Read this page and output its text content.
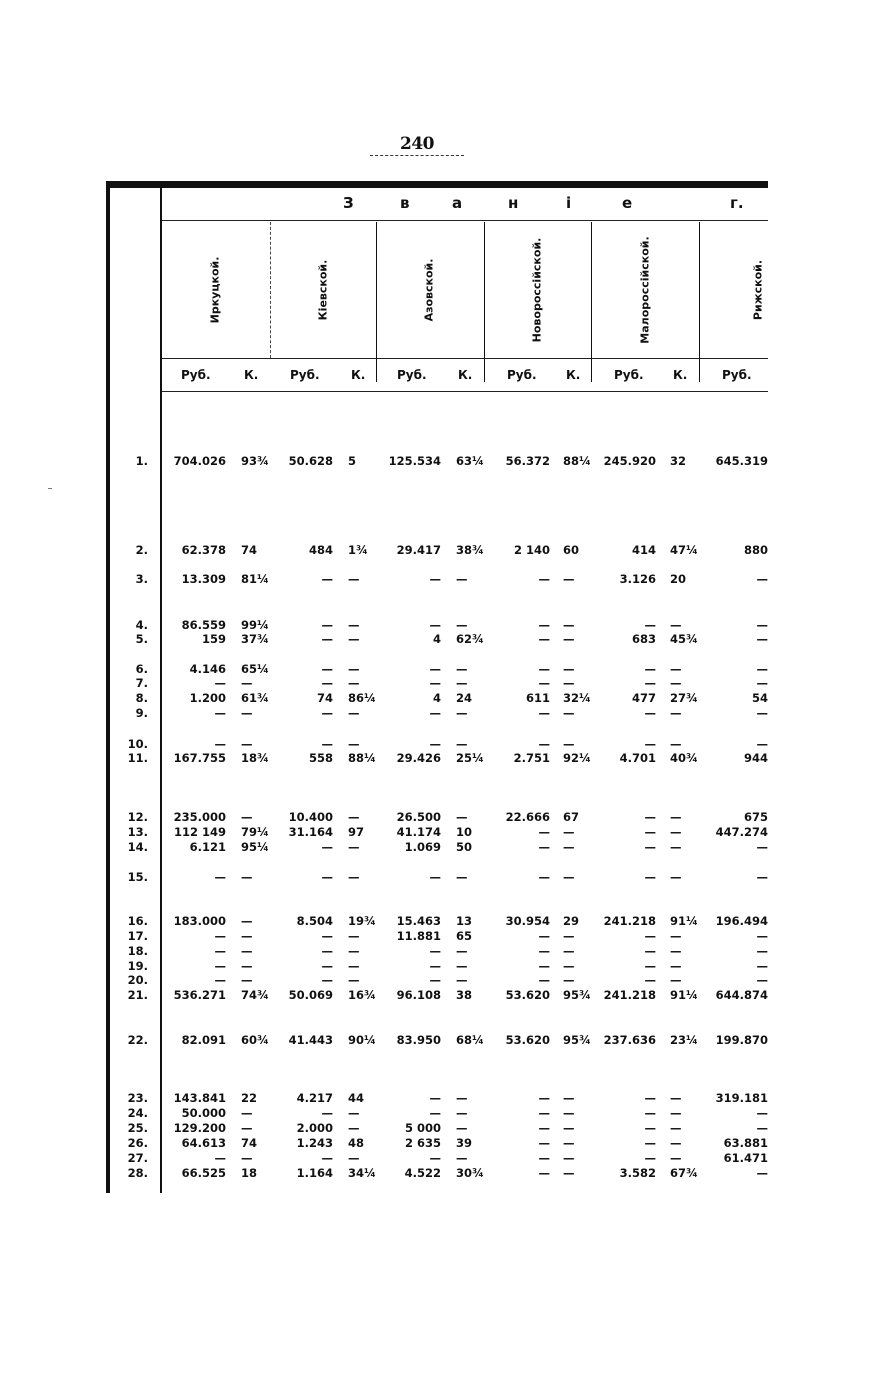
240
З	в	а	н	і	е	г.
Иркуцкой.	Кіевской.	Азовской.	Новороссійской.	Малороссійской.	Рижской.
Руб.	К.	Руб.	К.	Руб.	К.	Руб. К.	Руб. К.	Руб.
1.	704.026 93¾	50.628 5	125.534 63¼	56.372 88¼	245.920 32	645.319
2.	62.378 74	484 1¾	29.417 38¾	2 140 60	414 47¼	880
3.	13.309 81¼	— —	— —	— —	3.126 20	—
4.	86.559 99¼	— —	— —	— —	— —	—
5.	159 37¾	— —	4 62¾	— —	683 45¾	—
6.	4.146 65¼	— —	— —	— —	— —	—
7.	— —	— —	— —	— —	— —	—
8.	1.200 61¾	74 86¼	4 24	611 32¼	477 27¾	54
9.	— —	— —	— —	— —	— —	—
10.	— —	— —	— —	— —	— —	—
11.	167.755 18¾	558 88¼	29.426 25¼	2.751 92¼	4.701 40¾	944
12.	235.000 —	10.400 —	26.500 —	22.666 67	— —	675
13.	112 149 79¼	31.164 97	41.174 10	— —	— —	447.274
14.	6.121 95¼	— —	1.069 50	— —	— —	—
15.	— —	— —	— —	— —	— —	—
16.	183.000 —	8.504 19¾	15.463 13	30.954 29	241.218 91¼	196.494
17.	— —	— —	11.881 65	— —	— —	—
18.	— —	— —	— —	— —	— —	—
19.	— —	— —	— —	— —	— —	—
20.	— —	— —	— —	— —	— —	—
21.	536.271 74¾	50.069 16¾	96.108 38	53.620 95¾	241.218 91¼	644.874
22.	82.091 60¾	41.443 90¼	83.950 68¼	53.620 95¾	237.636 23¼	199.870
23.	143.841 22	4.217 44	— —	— —	— —	319.181
24.	50.000 —	— —	— —	— —	— —	—
25.	129.200 —	2.000 —	5 000 —	— —	— —	—
26.	64.613 74	1.243 48	2 635 39	— —	— —	63.881
27.	— —	— —	— —	— —	— —	61.471
28.	66.525 18	1.164 34¼	4.522 30¾	— —	3.582 67¾	—
